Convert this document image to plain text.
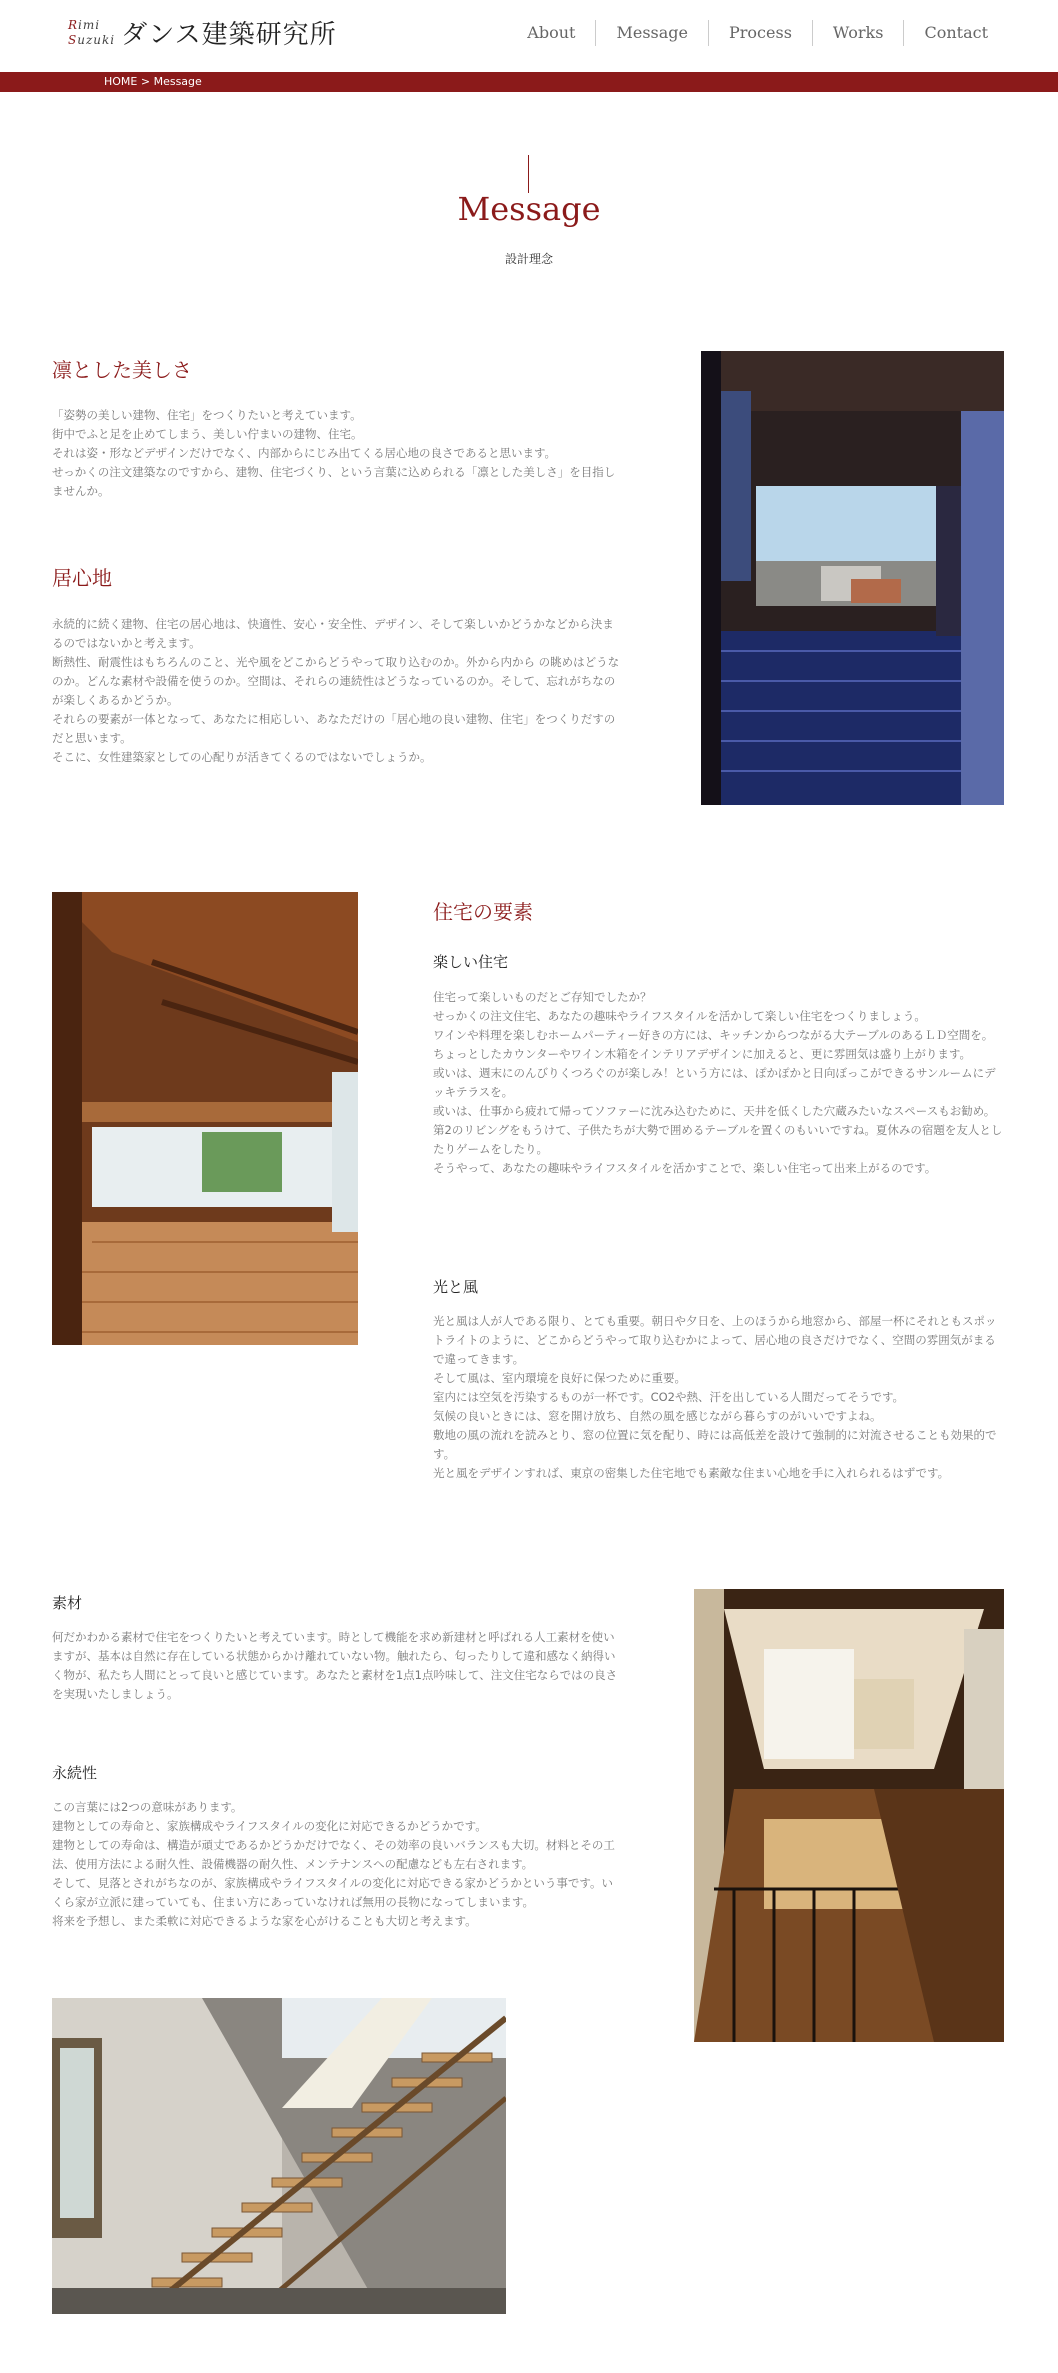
Rimi
Suzuki ダンス建築研究所	About	Message	Process	Works	Contact
HOME > Message
Message
設計理念
凛とした美しさ

「姿勢の美しい建物、住宅」をつくりたいと考えています。

街中でふと足を止めてしまう、美しい佇まいの建物、住宅。

それは姿・形などデザインだけでなく、内部からにじみ出てくる居心地の良さであると思います。

せっかくの注文建築なのですから、建物、住宅づくり、という言葉に込められる「凛とした美しさ」を目指しませんか。

居心地

永続的に続く建物、住宅の居心地は、快適性、安心・安全性、デザイン、そして楽しいかどうかなどから決まるのではないかと考えます。

断熱性、耐震性はもちろんのこと、光や風をどこからどうやって取り込むのか。外から内から の眺めはどうなのか。どんな素材や設備を使うのか。空間は、それらの連続性はどうなっているのか。そして、忘れがちなのが楽しくあるかどうか。

それらの要素が一体となって、あなたに相応しい、あなただけの「居心地の良い建物、住宅」をつくりだすのだと思います。

そこに、女性建築家としての心配りが活きてくるのではないでしょうか。

住宅の要素
楽しい住宅

住宅って楽しいものだとご存知でしたか？

せっかくの注文住宅、あなたの趣味やライフスタイルを活かして楽しい住宅をつくりましょう。

ワインや料理を楽しむホームパーティー好きの方には、キッチンからつながる大テーブルのあるＬＤ空間を。ちょっとしたカウンターやワイン木箱をインテリアデザインに加えると、更に雰囲気は盛り上がります。

或いは、週末にのんびりくつろぐのが楽しみ！という方には、ぽかぽかと日向ぼっこができるサンルームにデッキテラスを。

或いは、仕事から疲れて帰ってソファーに沈み込むために、天井を低くした穴蔵みたいなスペースもお勧め。

第2のリビングをもうけて、子供たちが大勢で囲めるテーブルを置くのもいいですね。夏休みの宿題を友人としたりゲームをしたり。

そうやって、あなたの趣味やライフスタイルを活かすことで、楽しい住宅って出来上がるのです。

光と風

光と風は人が人である限り、とても重要。朝日や夕日を、上のほうから地窓から、部屋一杯にそれともスポットライトのように、どこからどうやって取り込むかによって、居心地の良さだけでなく、空間の雰囲気がまるで違ってきます。

そして風は、室内環境を良好に保つために重要。

室内には空気を汚染するものが一杯です。CO2や熱、汗を出している人間だってそうです。

気候の良いときには、窓を開け放ち、自然の風を感じながら暮らすのがいいですよね。

敷地の風の流れを読みとり、窓の位置に気を配り、時には高低差を設けて強制的に対流させることも効果的です。

光と風をデザインすれば、東京の密集した住宅地でも素敵な住まい心地を手に入れられるはずです。

素材

何だかわかる素材で住宅をつくりたいと考えています。時として機能を求め新建材と呼ばれる人工素材を使いますが、基本は自然に存在している状態からかけ離れていない物。触れたら、匂ったりして違和感なく納得いく物が、私たち人間にとって良いと感じています。あなたと素材を1点1点吟味して、注文住宅ならではの良さを実現いたしましょう。

永続性

この言葉には2つの意味があります。

建物としての寿命と、家族構成やライフスタイルの変化に対応できるかどうかです。

建物としての寿命は、構造が頑丈であるかどうかだけでなく、その効率の良いバランスも大切。材料とその工法、使用方法による耐久性、設備機器の耐久性、メンテナンスへの配慮なども左右されます。

そして、見落とされがちなのが、家族構成やライフスタイルの変化に対応できる家かどうかという事です。いくら家が立派に建っていても、住まい方にあっていなければ無用の長物になってしまいます。

将来を予想し、また柔軟に対応できるような家を心がけることも大切と考えます。
